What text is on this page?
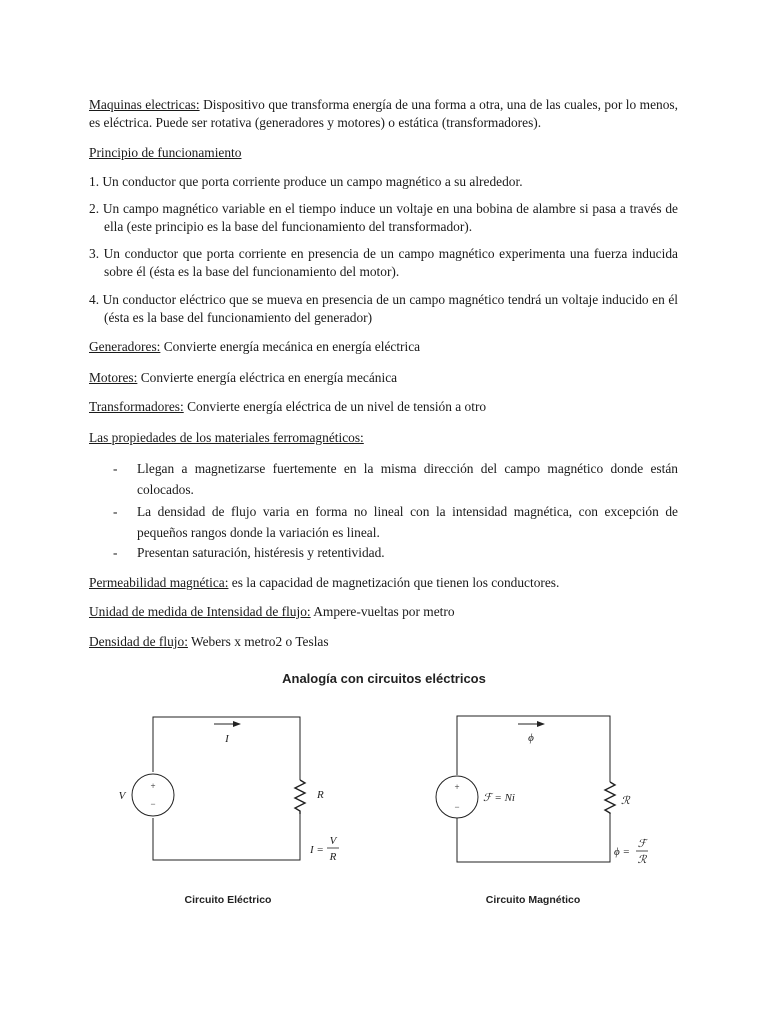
Maquinas electricas: Dispositivo que transforma energía de una forma a otra, una de las cuales, por lo menos, es eléctrica. Puede ser rotativa (generadores y motores) o estática (transformadores).
Principio de funcionamiento
1. Un conductor que porta corriente produce un campo magnético a su alrededor.
2. Un campo magnético variable en el tiempo induce un voltaje en una bobina de alambre si pasa a través de ella (este principio es la base del funcionamiento del transformador).
3. Un conductor que porta corriente en presencia de un campo magnético experimenta una fuerza inducida sobre él (ésta es la base del funcionamiento del motor).
4. Un conductor eléctrico que se mueva en presencia de un campo magnético tendrá un voltaje inducido en él (ésta es la base del funcionamiento del generador)
Generadores: Convierte energía mecánica en energía eléctrica
Motores: Convierte energía eléctrica en energía mecánica
Transformadores: Convierte energía eléctrica de un nivel de tensión a otro
Las propiedades de los materiales ferromagnéticos:
- Llegan a magnetizarse fuertemente en la misma dirección del campo magnético donde están colocados.
- La densidad de flujo varia en forma no lineal con la intensidad magnética, con excepción de pequeños rangos donde la variación es lineal.
- Presentan saturación, histéresis y retentividad.
Permeabilidad magnética: es la capacidad de magnetización que tienen los conductores.
Unidad de medida de Intensidad de flujo: Ampere-vueltas por metro
Densidad de flujo: Webers x metro2 o Teslas
Analogía con circuitos eléctricos
+
−
I
V	R
I =
V
R
Circuito Eléctrico
+
−
ϕ
ℱ = Ni	ℛ
ϕ =
ℱ
ℛ
Circuito Magnético
